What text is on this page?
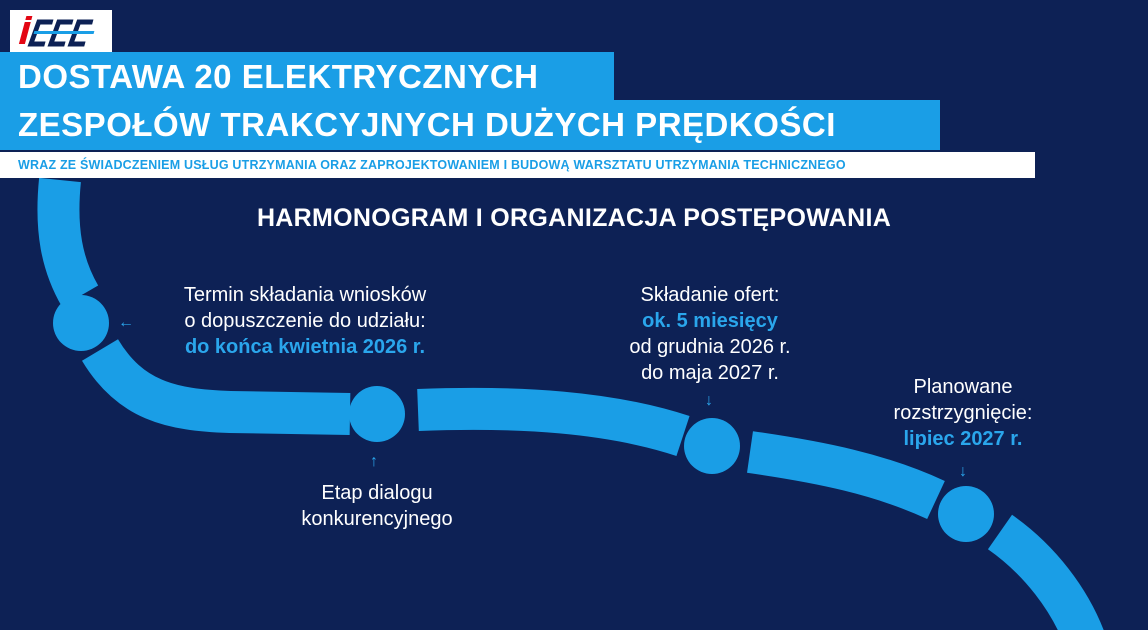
DOSTAWA 20 ELEKTRYCZNYCH
ZESPOŁÓW TRAKCYJNYCH DUŻYCH PRĘDKOŚCI
WRAZ ZE ŚWIADCZENIEM USŁUG UTRZYMANIA ORAZ ZAPROJEKTOWANIEM I BUDOWĄ WARSZTATU UTRZYMANIA TECHNICZNEGO
HARMONOGRAM I ORGANIZACJA POSTĘPOWANIA
Termin składania wniosków
o dopuszczenie do udziału:
do końca kwietnia 2026 r.
←
↑
Etap dialogu
konkurencyjnego
Składanie ofert:
ok. 5 miesięcy
od grudnia 2026 r.
do maja 2027 r.
↓
Planowane
rozstrzygnięcie:
lipiec 2027 r.
↓
